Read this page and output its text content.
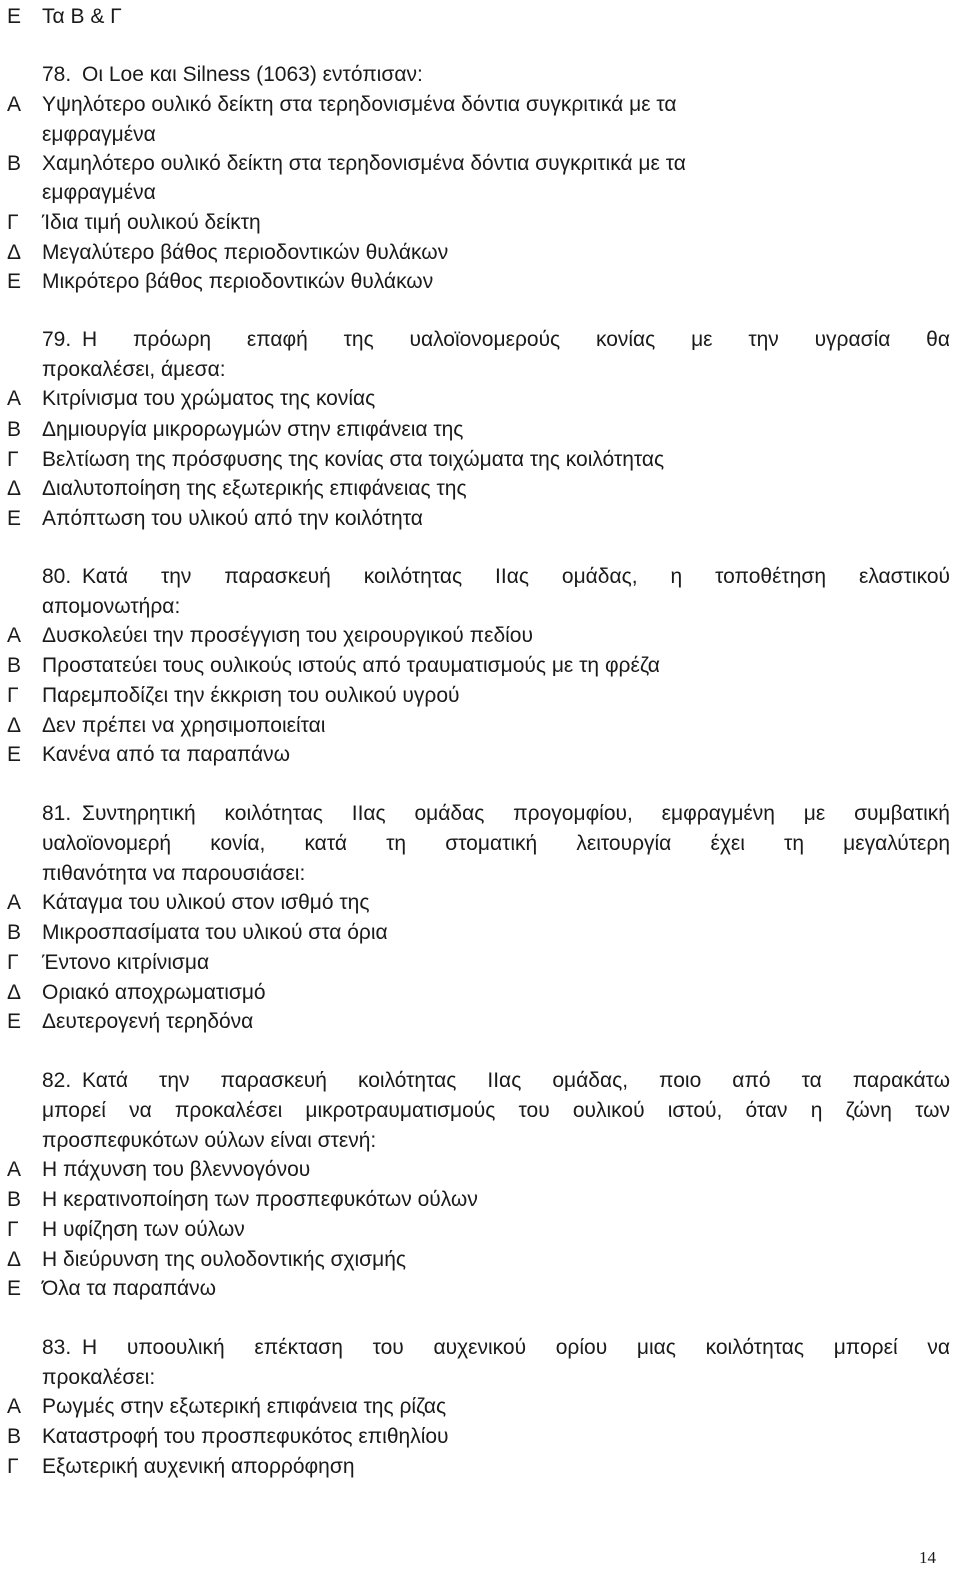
Ε Τα Β & Γ
78. Οι Loe και Silness (1063) εντόπισαν:
Α Υψηλότερο ουλικό δείκτη στα τερηδονισμένα δόντια συγκριτικά με τα
εμφραγμένα
Β Χαμηλότερο ουλικό δείκτη στα τερηδονισμένα δόντια συγκριτικά με τα
εμφραγμένα
Γ Ίδια τιμή ουλικού δείκτη
Δ Μεγαλύτερο βάθος περιοδοντικών θυλάκων
Ε Μικρότερο βάθος περιοδοντικών θυλάκων
79. Η πρόωρη επαφή της υαλοϊονομερούς κονίας με την υγρασία θα
προκαλέσει, άμεσα:
Α Κιτρίνισμα του χρώματος της κονίας
Β Δημιουργία μικρορωγμών στην επιφάνεια της
Γ Βελτίωση της πρόσφυσης της κονίας στα τοιχώματα της κοιλότητας
Δ Διαλυτοποίηση της εξωτερικής επιφάνειας της
Ε Απόπτωση του υλικού από την κοιλότητα
80. Κατά την παρασκευή κοιλότητας ΙΙας ομάδας, η τοποθέτηση ελαστικού
απομονωτήρα:
Α Δυσκολεύει την προσέγγιση του χειρουργικού πεδίου
Β Προστατεύει τους ουλικούς ιστούς από τραυματισμούς με τη φρέζα
Γ Παρεμποδίζει την έκκριση του ουλικού υγρού
Δ Δεν πρέπει να χρησιμοποιείται
Ε Κανένα από τα παραπάνω
81. Συντηρητική κοιλότητας ΙΙας ομάδας προγομφίου, εμφραγμένη με συμβατική
υαλοϊονομερή κονία, κατά τη στοματική λειτουργία έχει τη μεγαλύτερη
πιθανότητα να παρουσιάσει:
Α Κάταγμα του υλικού στον ισθμό της
Β Μικροσπασίματα του υλικού στα όρια
Γ Έντονο κιτρίνισμα
Δ Οριακό αποχρωματισμό
Ε Δευτερογενή τερηδόνα
82. Κατά την παρασκευή κοιλότητας ΙΙας ομάδας, ποιο από τα παρακάτω
μπορεί να προκαλέσει μικροτραυματισμούς του ουλικού ιστού, όταν η ζώνη των
προσπεφυκότων ούλων είναι στενή:
Α Η πάχυνση του βλεννογόνου
Β Η κερατινοποίηση των προσπεφυκότων ούλων
Γ Η υφίζηση των ούλων
Δ Η διεύρυνση της ουλοδοντικής σχισμής
Ε Όλα τα παραπάνω
83. Η υποουλική επέκταση του αυχενικού ορίου μιας κοιλότητας μπορεί να
προκαλέσει:
Α Ρωγμές στην εξωτερική επιφάνεια της ρίζας
Β Καταστροφή του προσπεφυκότος επιθηλίου
Γ Εξωτερική αυχενική απορρόφηση
14
